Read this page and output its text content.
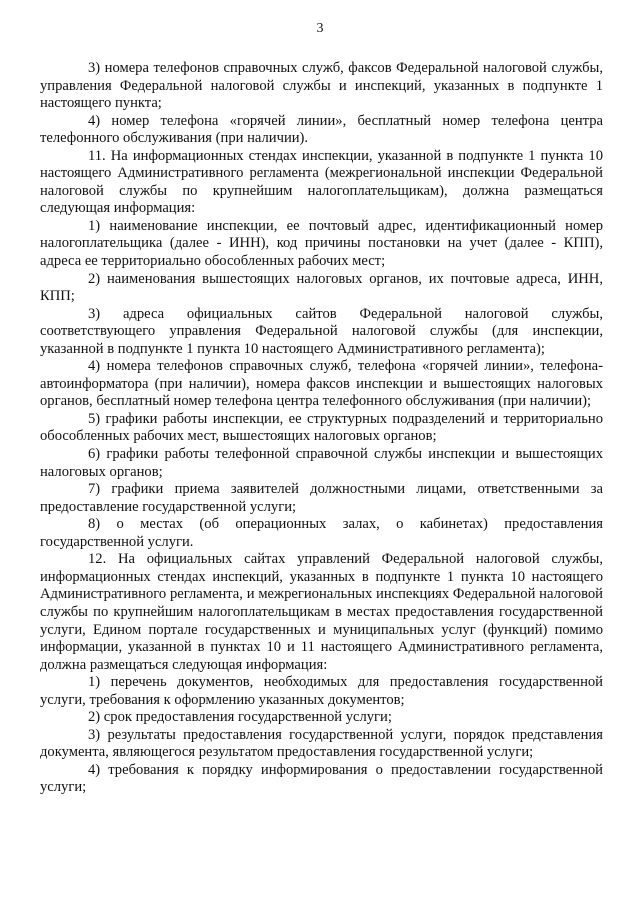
3

3) номера телефонов справочных служб, факсов Федеральной налоговой службы, управления Федеральной налоговой службы и инспекций, указанных в подпункте 1 настоящего пункта;

4) номер телефона «горячей линии», бесплатный номер телефона центра телефонного обслуживания (при наличии).

11. На информационных стендах инспекции, указанной в подпункте 1 пункта 10 настоящего Административного регламента (межрегиональной инспекции Федеральной налоговой службы по крупнейшим налогоплательщикам), должна размещаться следующая информация:

1) наименование инспекции, ее почтовый адрес, идентификационный номер налогоплательщика (далее - ИНН), код причины постановки на учет (далее - КПП), адреса ее территориально обособленных рабочих мест;

2) наименования вышестоящих налоговых органов, их почтовые адреса, ИНН, КПП;

3) адреса официальных сайтов Федеральной налоговой службы, соответствующего управления Федеральной налоговой службы (для инспекции, указанной в подпункте 1 пункта 10 настоящего Административного регламента);

4) номера телефонов справочных служб, телефона «горячей линии», телефона-автоинформатора (при наличии), номера факсов инспекции и вышестоящих налоговых органов, бесплатный номер телефона центра телефонного обслуживания (при наличии);

5) графики работы инспекции, ее структурных подразделений и территориально обособленных рабочих мест, вышестоящих налоговых органов;

6) графики работы телефонной справочной службы инспекции и вышестоящих налоговых органов;

7) графики приема заявителей должностными лицами, ответственными за предоставление государственной услуги;

8) о местах (об операционных залах, о кабинетах) предоставления государственной услуги.

12. На официальных сайтах управлений Федеральной налоговой службы, информационных стендах инспекций, указанных в подпункте 1 пункта 10 настоящего Административного регламента, и межрегиональных инспекциях Федеральной налоговой службы по крупнейшим налогоплательщикам в местах предоставления государственной услуги, Едином портале государственных и муниципальных услуг (функций) помимо информации, указанной в пунктах 10 и 11 настоящего Административного регламента, должна размещаться следующая информация:

1) перечень документов, необходимых для предоставления государственной услуги, требования к оформлению указанных документов;

2) срок предоставления государственной услуги;

3) результаты предоставления государственной услуги, порядок представления документа, являющегося результатом предоставления государственной услуги;

4) требования к порядку информирования о предоставлении государственной услуги;
